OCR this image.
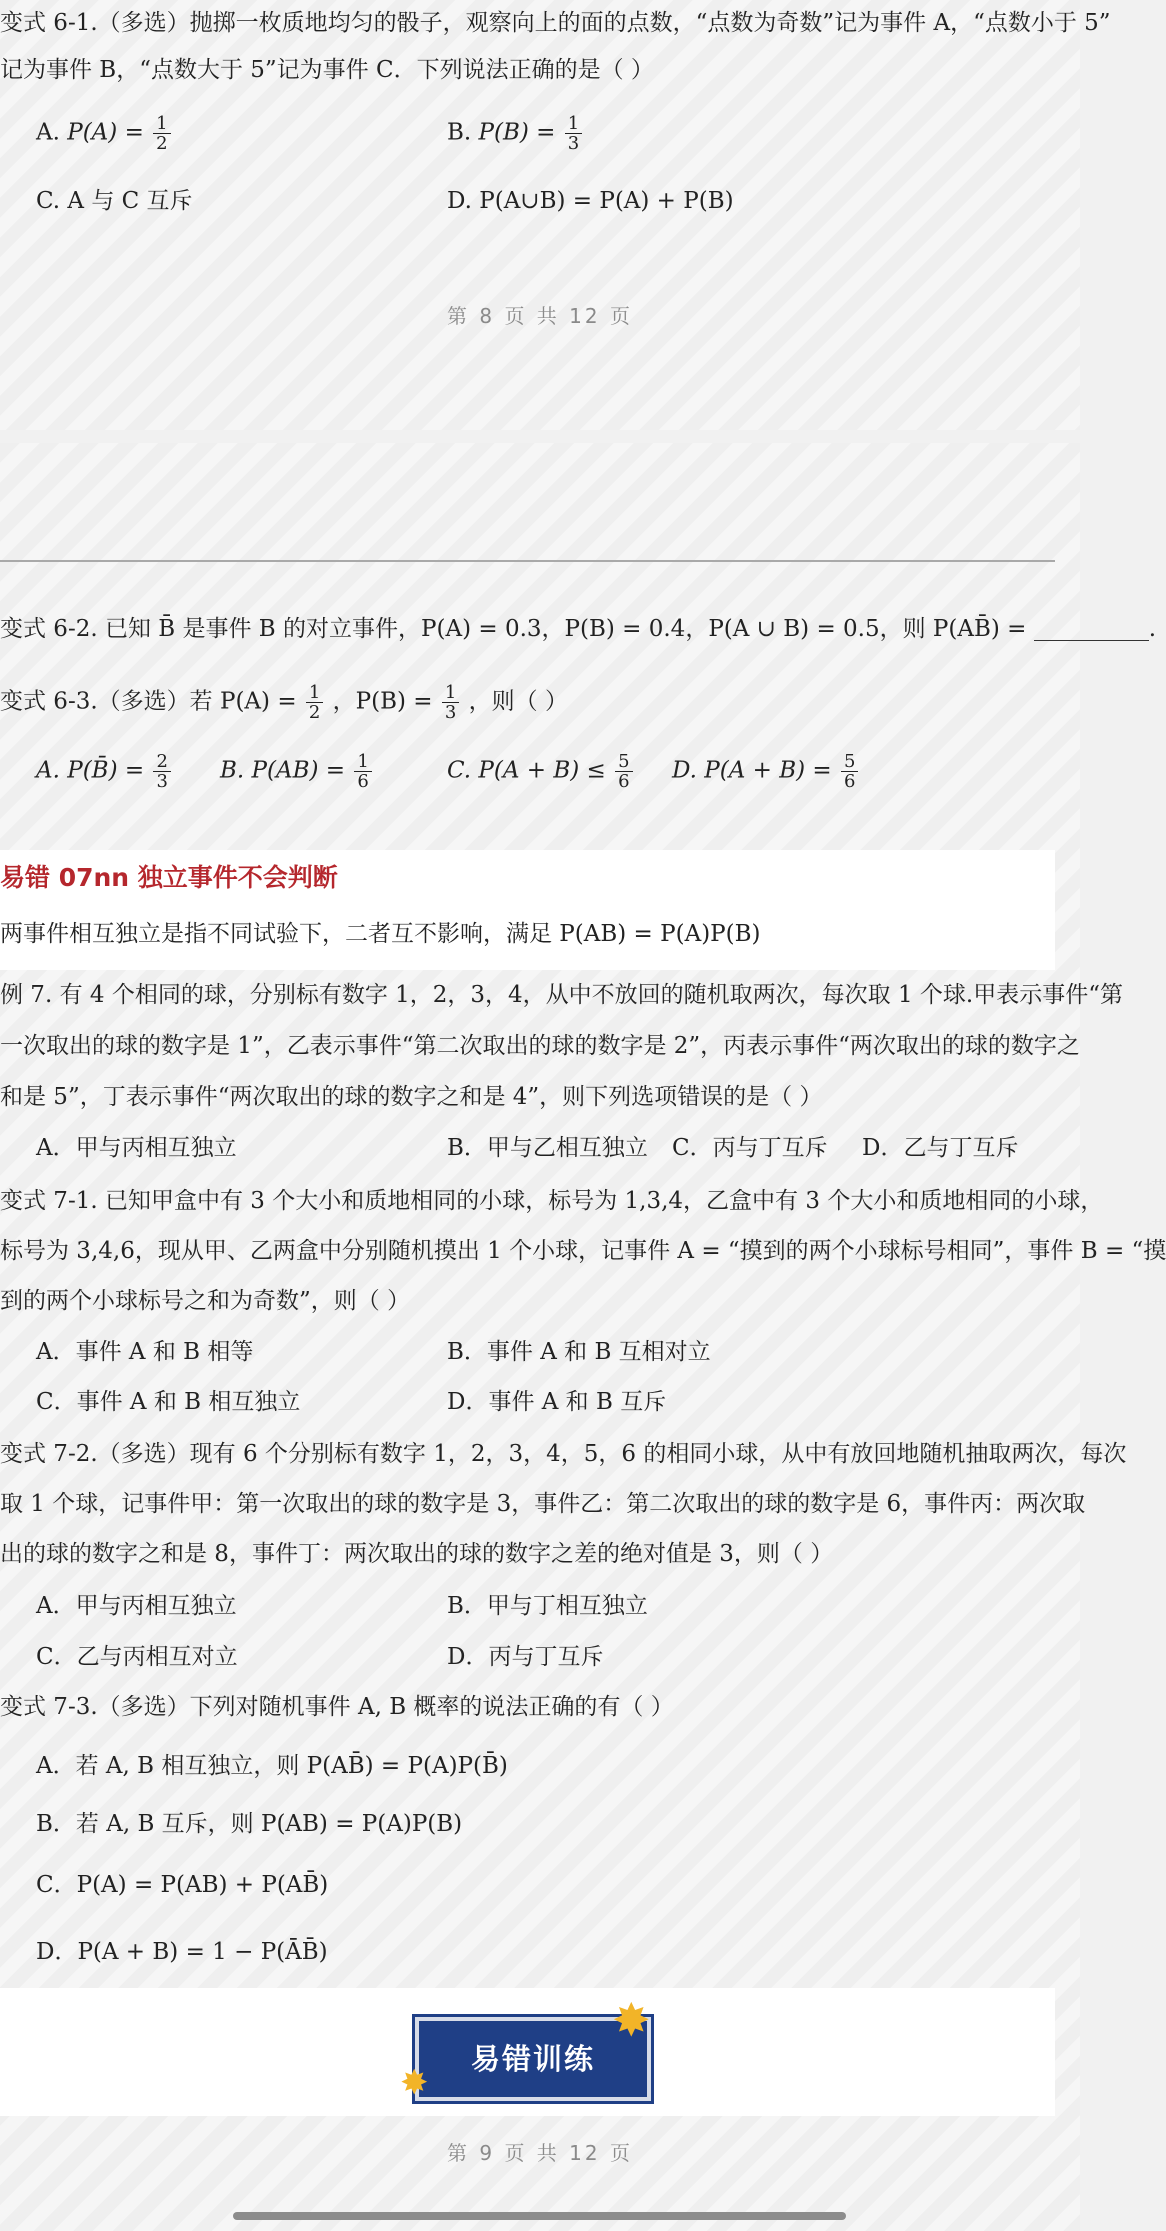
变式 6-1.（多选）抛掷一枚质地均匀的骰子，观察向上的面的点数，“点数为奇数”记为事件 A，“点数小于 5”
记为事件 B，“点数大于 5”记为事件 C．下列说法正确的是（ ）
A. $P(A) = \frac{1}{2}$	B. $P(B) = \frac{1}{3}$
C. A 与 C 互斥	D. P(A∪B) = P(A) + P(B)
第 8 页 共 12 页
变式 6-2. 已知 B̄ 是事件 B 的对立事件，P(A) = 0.3，P(B) = 0.4，P(A ∪ B) = 0.5，则 P(AB̄) =	.
变式 6-3.（多选）若 $P(A) = \frac{1}{2}$ ，$P(B) = \frac{1}{3}$ ，则（ ）
A. P(B̄) = $\frac{2}{3} B$. $P(AB) = \frac{1}{6}$	C. $P(A + B) \le \frac{5}{6} D$. $P(A + B) = \frac{5}{6}$
易错 07nn 独立事件不会判断
两事件相互独立是指不同试验下，二者互不影响，满足 P(AB) = P(A)P(B)
例 7. 有 4 个相同的球，分别标有数字 1，2，3，4，从中不放回的随机取两次，每次取 1 个球.甲表示事件“第
一次取出的球的数字是 1”，乙表示事件“第二次取出的球的数字是 2”，丙表示事件“两次取出的球的数字之
和是 5”，丁表示事件“两次取出的球的数字之和是 4”，则下列选项错误的是（ ）
A．甲与丙相互独立	B．甲与乙相互独立 C．丙与丁互斥 D．乙与丁互斥
变式 7-1. 已知甲盒中有 3 个大小和质地相同的小球，标号为 1,3,4，乙盒中有 3 个大小和质地相同的小球，
标号为 3,4,6，现从甲、乙两盒中分别随机摸出 1 个小球，记事件 A = “摸到的两个小球标号相同”，事件 B = “摸
到的两个小球标号之和为奇数”，则（ ）
A．事件 A 和 B 相等	B．事件 A 和 B 互相对立
C．事件 A 和 B 相互独立	D．事件 A 和 B 互斥
变式 7-2.（多选）现有 6 个分别标有数字 1，2，3，4，5，6 的相同小球，从中有放回地随机抽取两次，每次
取 1 个球，记事件甲：第一次取出的球的数字是 3，事件乙：第二次取出的球的数字是 6，事件丙：两次取
出的球的数字之和是 8，事件丁：两次取出的球的数字之差的绝对值是 3，则（ ）
A．甲与丙相互独立	B．甲与丁相互独立
C．乙与丙相互对立	D．丙与丁互斥
变式 7-3.（多选）下列对随机事件 A, B 概率的说法正确的有（ ）
A．若 A, B 相互独立，则 P(AB̄) = P(A)P(B̄)
B．若 A, B 互斥，则 P(AB) = P(A)P(B)
C．P(A) = P(AB) + P(AB̄)
D．P(A + B) = 1 − P(ĀB̄)
易错训练
✸
✸
第 9 页 共 12 页
